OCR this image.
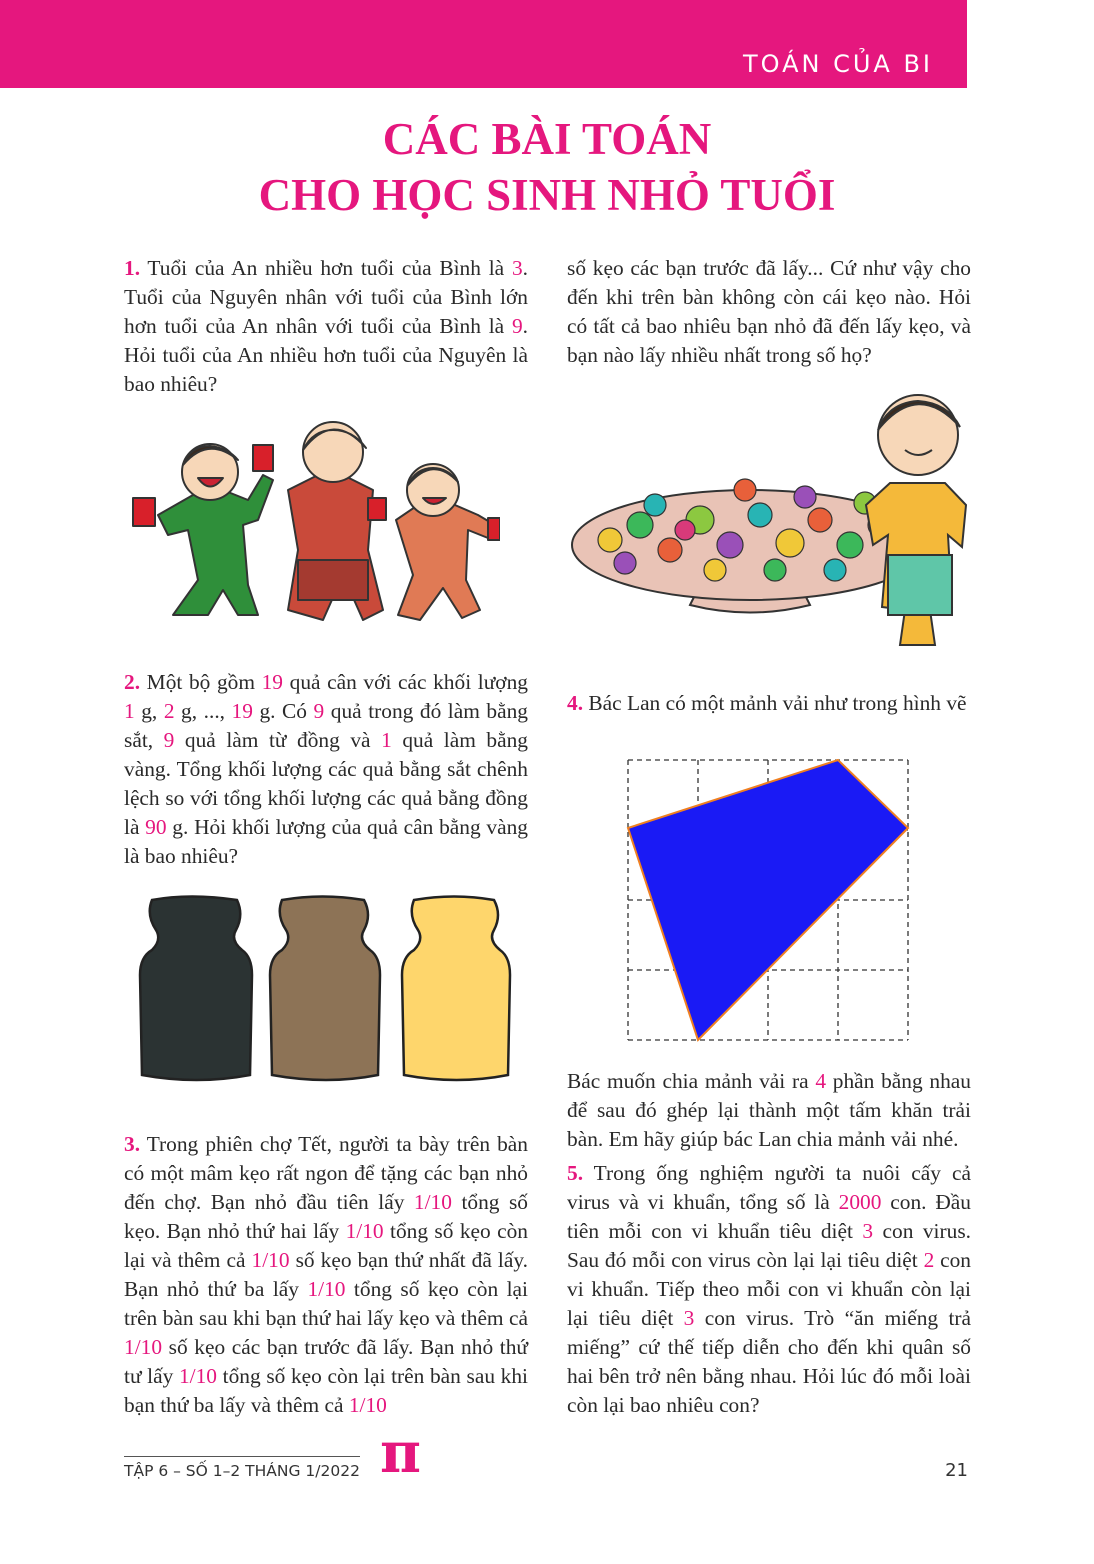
TOÁN CỦA BI
CÁC BÀI TOÁN
CHO HỌC SINH NHỎ TUỔI

1. Tuổi của An nhiều hơn tuổi của Bình là 3. Tuổi của Nguyên nhân với tuổi của Bình lớn hơn tuổi của An nhân với tuổi của Bình là 9. Hỏi tuổi của An nhiều hơn tuổi của Nguyên là bao nhiêu?

2. Một bộ gồm 19 quả cân với các khối lượng 1 g, 2 g, ..., 19 g. Có 9 quả trong đó làm bằng sắt, 9 quả làm từ đồng và 1 quả làm bằng vàng. Tổng khối lượng các quả bằng sắt chênh lệch so với tổng khối lượng các quả bằng đồng là 90 g. Hỏi khối lượng của quả cân bằng vàng là bao nhiêu?

3. Trong phiên chợ Tết, người ta bày trên bàn có một mâm kẹo rất ngon để tặng các bạn nhỏ đến chợ. Bạn nhỏ đầu tiên lấy 1/10 tổng số kẹo. Bạn nhỏ thứ hai lấy 1/10 tổng số kẹo còn lại và thêm cả 1/10 số kẹo bạn thứ nhất đã lấy. Bạn nhỏ thứ ba lấy 1/10 tổng số kẹo còn lại trên bàn sau khi bạn thứ hai lấy kẹo và thêm cả 1/10 số kẹo các bạn trước đã lấy. Bạn nhỏ thứ tư lấy 1/10 tổng số kẹo còn lại trên bàn sau khi bạn thứ ba lấy và thêm cả 1/10

số kẹo các bạn trước đã lấy... Cứ như vậy cho đến khi trên bàn không còn cái kẹo nào. Hỏi có tất cả bao nhiêu bạn nhỏ đã đến lấy kẹo, và bạn nào lấy nhiều nhất trong số họ?

4. Bác Lan có một mảnh vải như trong hình vẽ

Bác muốn chia mảnh vải ra 4 phần bằng nhau để sau đó ghép lại thành một tấm khăn trải bàn. Em hãy giúp bác Lan chia mảnh vải nhé.

5. Trong ống nghiệm người ta nuôi cấy cả virus và vi khuẩn, tổng số là 2000 con. Đầu tiên mỗi con vi khuẩn tiêu diệt 3 con virus. Sau đó mỗi con virus còn lại lại tiêu diệt 2 con vi khuẩn. Tiếp theo mỗi con vi khuẩn còn lại lại tiêu diệt 3 con virus. Trò “ăn miếng trả miếng” cứ thế tiếp diễn cho đến khi quân số hai bên trở nên bằng nhau. Hỏi lúc đó mỗi loài còn lại bao nhiêu con?

TẬP 6 – SỐ 1–2 THÁNG 1/2022 π	21
